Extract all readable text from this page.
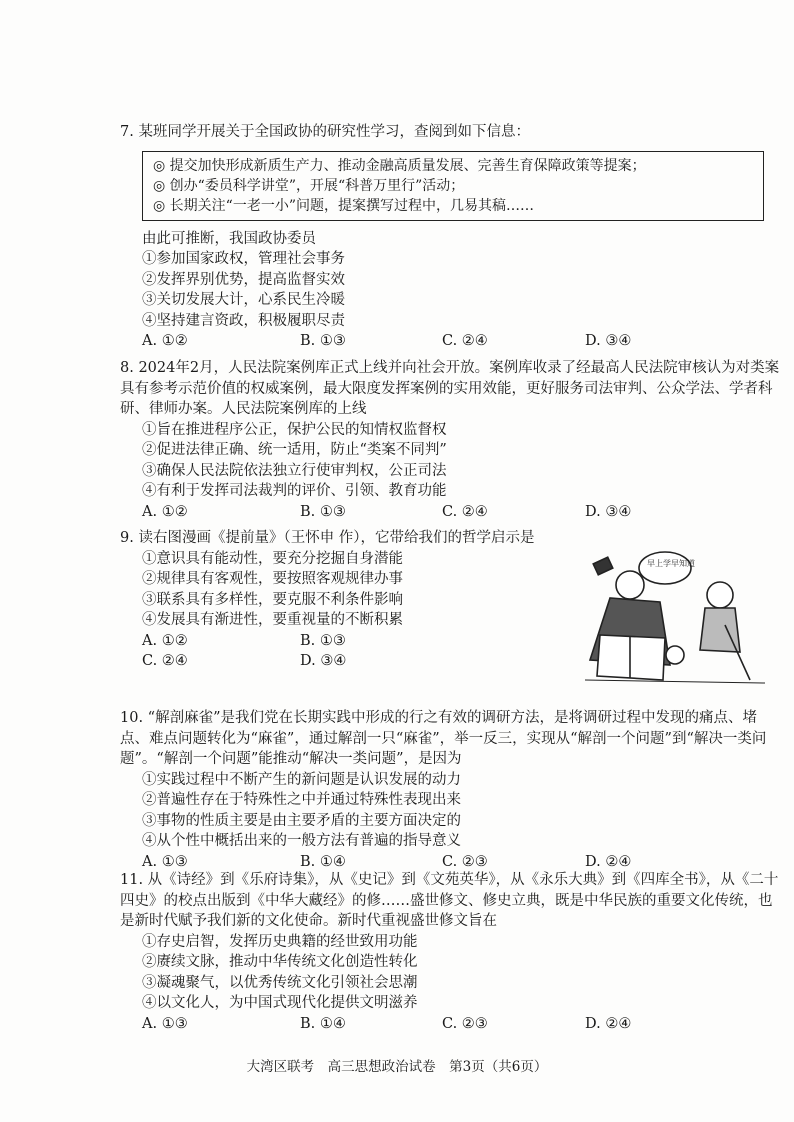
7. 某班同学开展关于全国政协的研究性学习，查阅到如下信息：

◎ 提交加快形成新质生产力、推动金融高质量发展、完善生育保障政策等提案；
◎ 创办“委员科学讲堂”，开展“科普万里行”活动；
◎ 长期关注“一老一小”问题，提案撰写过程中，几易其稿……

由此可推断，我国政协委员

①参加国家政权，管理社会事务

②发挥界别优势，提高监督实效

③关切发展大计，心系民生冷暖

④坚持建言资政，积极履职尽责

A. ①②	B. ①③	C. ②④	D. ③④

8. 2024年2月，人民法院案例库正式上线并向社会开放。案例库收录了经最高人民法院审核认为对类案具有参考示范价值的权威案例，最大限度发挥案例的实用效能，更好服务司法审判、公众学法、学者科研、律师办案。人民法院案例库的上线

①旨在推进程序公正，保护公民的知情权监督权

②促进法律正确、统一适用，防止“类案不同判”

③确保人民法院依法独立行使审判权，公正司法

④有利于发挥司法裁判的评价、引领、教育功能

A. ①②	B. ①③	C. ②④	D. ③④

9. 读右图漫画《提前量》（王怀申 作），它带给我们的哲学启示是

①意识具有能动性，要充分挖掘自身潜能

②规律具有客观性，要按照客观规律办事

③联系具有多样性，要克服不利条件影响

④发展具有渐进性，要重视量的不断积累

A. ①②	B. ①③
C. ②④	D. ③④
早上学早知道

10. “解剖麻雀”是我们党在长期实践中形成的行之有效的调研方法，是将调研过程中发现的痛点、堵点、难点问题转化为“麻雀”，通过解剖一只“麻雀”，举一反三，实现从“解剖一个问题”到“解决一类问题”。“解剖一个问题”能推动“解决一类问题”，是因为

①实践过程中不断产生的新问题是认识发展的动力

②普遍性存在于特殊性之中并通过特殊性表现出来

③事物的性质主要是由主要矛盾的主要方面决定的

④从个性中概括出来的一般方法有普遍的指导意义

A. ①③	B. ①④	C. ②③	D. ②④

11. 从《诗经》到《乐府诗集》，从《史记》到《文苑英华》，从《永乐大典》到《四库全书》，从《二十四史》的校点出版到《中华大藏经》的修……盛世修文、修史立典，既是中华民族的重要文化传统，也是新时代赋予我们新的文化使命。新时代重视盛世修文旨在

①存史启智，发挥历史典籍的经世致用功能

②赓续文脉，推动中华传统文化创造性转化

③凝魂聚气，以优秀传统文化引领社会思潮

④以文化人，为中国式现代化提供文明滋养

A. ①③	B. ①④	C. ②③	D. ②④
大湾区联考　高三思想政治试卷　第3页（共6页）
